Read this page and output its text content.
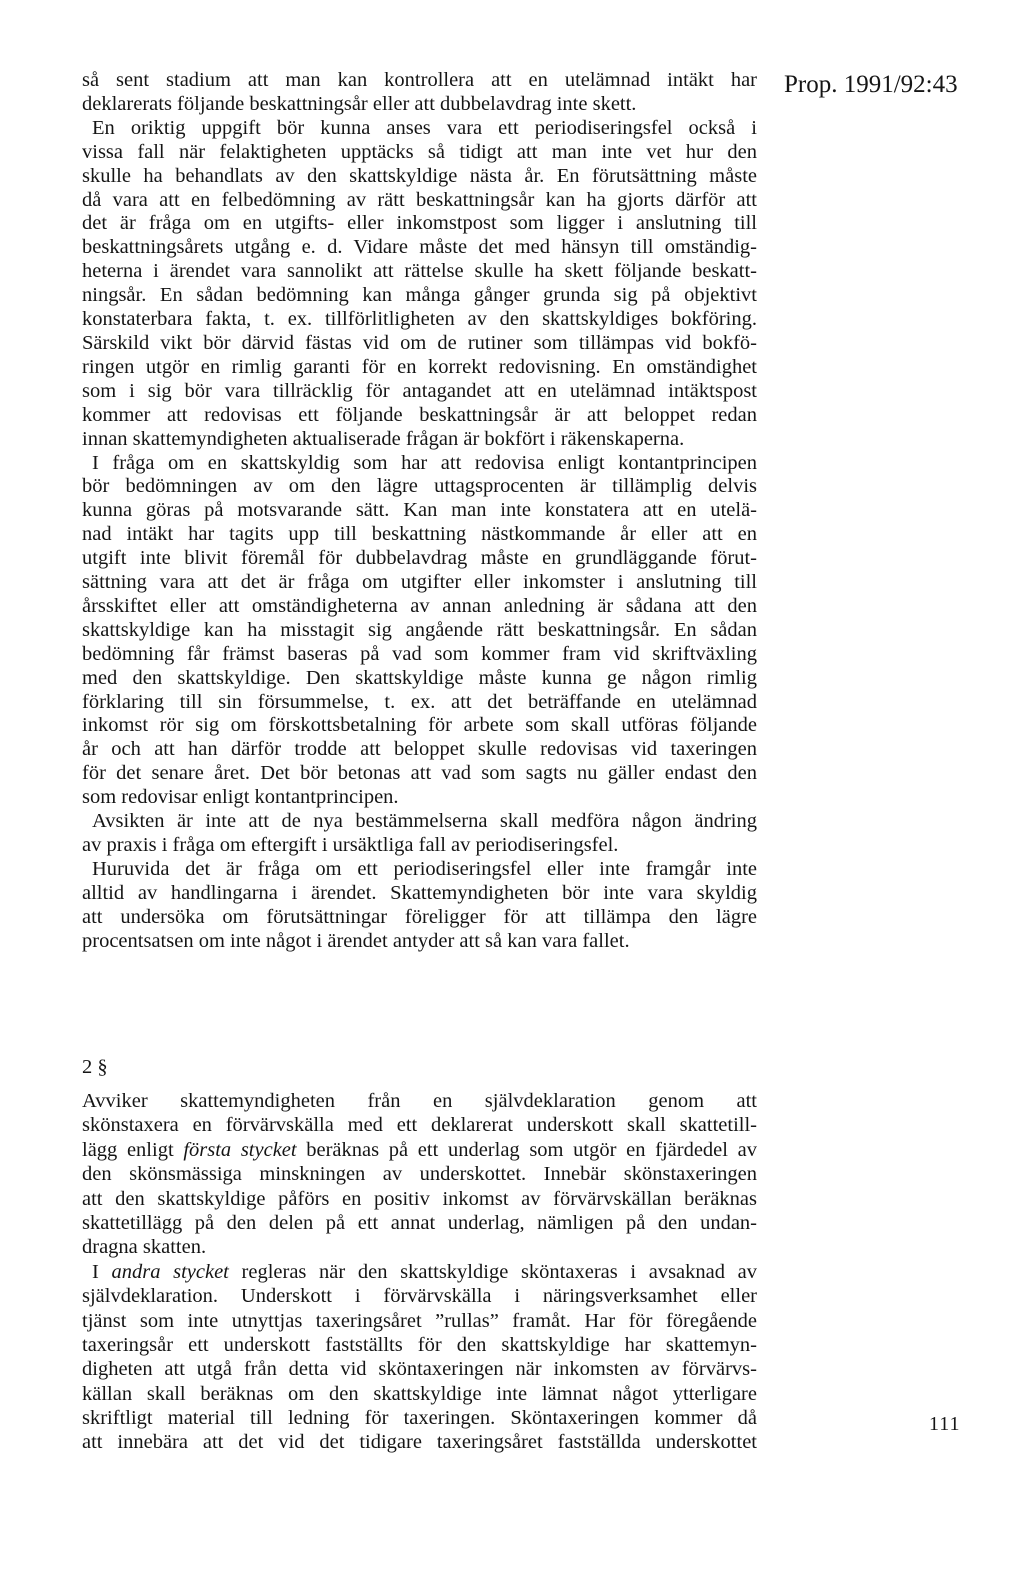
Prop. 1991/92:43
så sent stadium att man kan kontrollera att en utelämnad intäkt har
deklarerats följande beskattningsår eller att dubbelavdrag inte skett.
En oriktig uppgift bör kunna anses vara ett periodiseringsfel också i
vissa fall när felaktigheten upptäcks så tidigt att man inte vet hur den
skulle ha behandlats av den skattskyldige nästa år. En förutsättning måste
då vara att en felbedömning av rätt beskattningsår kan ha gjorts därför att
det är fråga om en utgifts- eller inkomstpost som ligger i anslutning till
beskattningsårets utgång e. d. Vidare måste det med hänsyn till omständig-
heterna i ärendet vara sannolikt att rättelse skulle ha skett följande beskatt-
ningsår. En sådan bedömning kan många gånger grunda sig på objektivt
konstaterbara fakta, t. ex. tillförlitligheten av den skattskyldiges bokföring.
Särskild vikt bör därvid fästas vid om de rutiner som tillämpas vid bokfö-
ringen utgör en rimlig garanti för en korrekt redovisning. En omständighet
som i sig bör vara tillräcklig för antagandet att en utelämnad intäktspost
kommer att redovisas ett följande beskattningsår är att beloppet redan
innan skattemyndigheten aktualiserade frågan är bokfört i räkenskaperna.
I fråga om en skattskyldig som har att redovisa enligt kontantprincipen
bör bedömningen av om den lägre uttagsprocenten är tillämplig delvis
kunna göras på motsvarande sätt. Kan man inte konstatera att en utelä-
nad intäkt har tagits upp till beskattning nästkommande år eller att en
utgift inte blivit föremål för dubbelavdrag måste en grundläggande förut-
sättning vara att det är fråga om utgifter eller inkomster i anslutning till
årsskiftet eller att omständigheterna av annan anledning är sådana att den
skattskyldige kan ha misstagit sig angående rätt beskattningsår. En sådan
bedömning får främst baseras på vad som kommer fram vid skriftväxling
med den skattskyldige. Den skattskyldige måste kunna ge någon rimlig
förklaring till sin försummelse, t. ex. att det beträffande en utelämnad
inkomst rör sig om förskottsbetalning för arbete som skall utföras följande
år och att han därför trodde att beloppet skulle redovisas vid taxeringen
för det senare året. Det bör betonas att vad som sagts nu gäller endast den
som redovisar enligt kontantprincipen.
Avsikten är inte att de nya bestämmelserna skall medföra någon ändring
av praxis i fråga om eftergift i ursäktliga fall av periodiseringsfel.
Huruvida det är fråga om ett periodiseringsfel eller inte framgår inte
alltid av handlingarna i ärendet. Skattemyndigheten bör inte vara skyldig
att undersöka om förutsättningar föreligger för att tillämpa den lägre
procentsatsen om inte något i ärendet antyder att så kan vara fallet.
2 §
Avviker skattemyndigheten från en självdeklaration genom att
skönstaxera en förvärvskälla med ett deklarerat underskott skall skattetill-
lägg enligt första stycket beräknas på ett underlag som utgör en fjärdedel av
den skönsmässiga minskningen av underskottet. Innebär skönstaxeringen
att den skattskyldige påförs en positiv inkomst av förvärvskällan beräknas
skattetillägg på den delen på ett annat underlag, nämligen på den undan-
dragna skatten.
I andra stycket regleras när den skattskyldige sköntaxeras i avsaknad av
självdeklaration. Underskott i förvärvskälla i näringsverksamhet eller
tjänst som inte utnyttjas taxeringsåret ”rullas” framåt. Har för föregående
taxeringsår ett underskott fastställts för den skattskyldige har skattemyn-
digheten att utgå från detta vid sköntaxeringen när inkomsten av förvärvs-
källan skall beräknas om den skattskyldige inte lämnat något ytterligare
skriftligt material till ledning för taxeringen. Sköntaxeringen kommer då
att innebära att det vid det tidigare taxeringsåret fastställda underskottet
111
